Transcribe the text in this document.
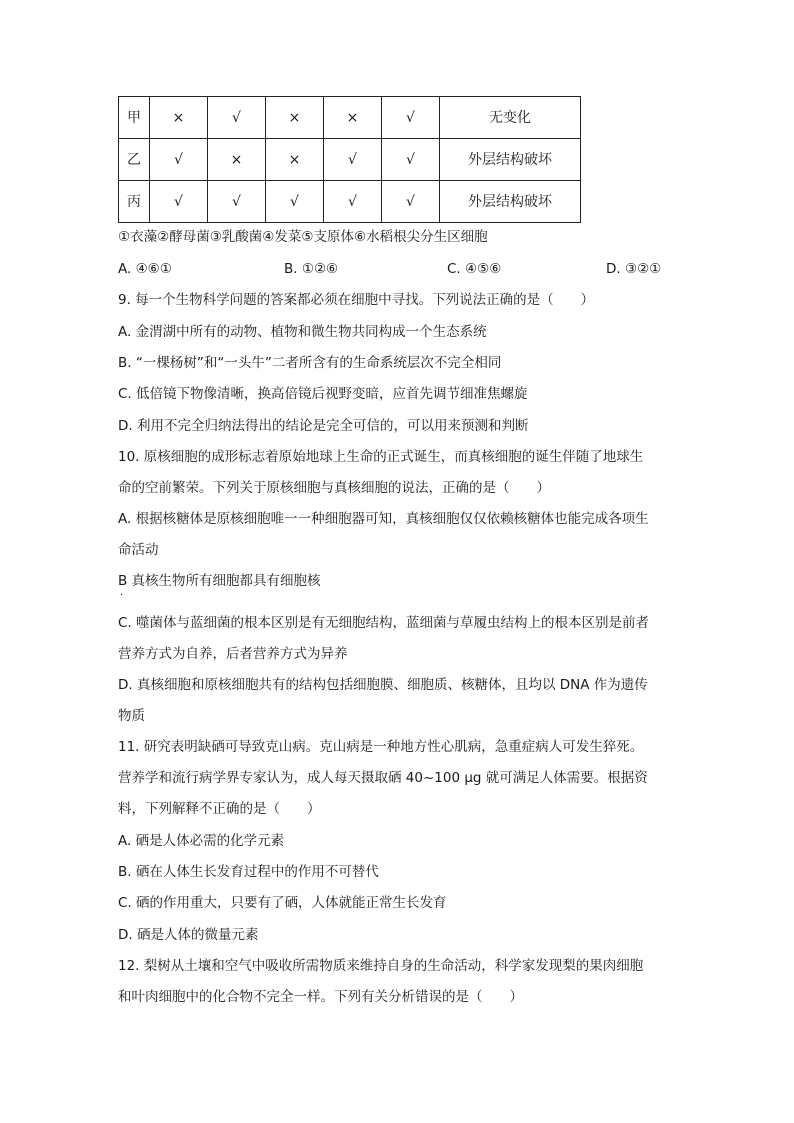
甲	×	√	×	×	√	无变化
乙	√	×	×	√	√	外层结构破坏
丙	√	√	√	√	√	外层结构破坏
①衣藻②酵母菌③乳酸菌④发菜⑤支原体⑥水稻根尖分生区细胞
A. ④⑥①	B. ①②⑥	C. ④⑤⑥	D. ③②①
9. 每一个生物科学问题的答案都必须在细胞中寻找。下列说法正确的是（　　）
A. 金渭湖中所有的动物、植物和微生物共同构成一个生态系统
B. “一棵杨树”和“一头牛”二者所含有的生命系统层次不完全相同
C. 低倍镜下物像清晰，换高倍镜后视野变暗，应首先调节细准焦螺旋
D. 利用不完全归纳法得出的结论是完全可信的，可以用来预测和判断
10. 原核细胞的成形标志着原始地球上生命的正式诞生，而真核细胞的诞生伴随了地球生
命的空前繁荣。下列关于原核细胞与真核细胞的说法，正确的是（　　）
A. 根据核糖体是原核细胞唯一一种细胞器可知，真核细胞仅仅依赖核糖体也能完成各项生
命活动
B 真核生物所有细胞都具有细胞核
.
C. 噬菌体与蓝细菌的根本区别是有无细胞结构，蓝细菌与草履虫结构上的根本区别是前者
营养方式为自养，后者营养方式为异养
D. 真核细胞和原核细胞共有的结构包括细胞膜、细胞质、核糖体，且均以 DNA 作为遗传
物质
11. 研究表明缺硒可导致克山病。克山病是一种地方性心肌病，急重症病人可发生猝死。
营养学和流行病学界专家认为，成人每天摄取硒 40~100 μg 就可满足人体需要。根据资
料，下列解释不正确的是（　　）
A. 硒是人体必需的化学元素
B. 硒在人体生长发育过程中的作用不可替代
C. 硒的作用重大，只要有了硒，人体就能正常生长发育
D. 硒是人体的微量元素
12. 梨树从土壤和空气中吸收所需物质来维持自身的生命活动，科学家发现梨的果肉细胞
和叶肉细胞中的化合物不完全一样。下列有关分析错误的是（　　）
